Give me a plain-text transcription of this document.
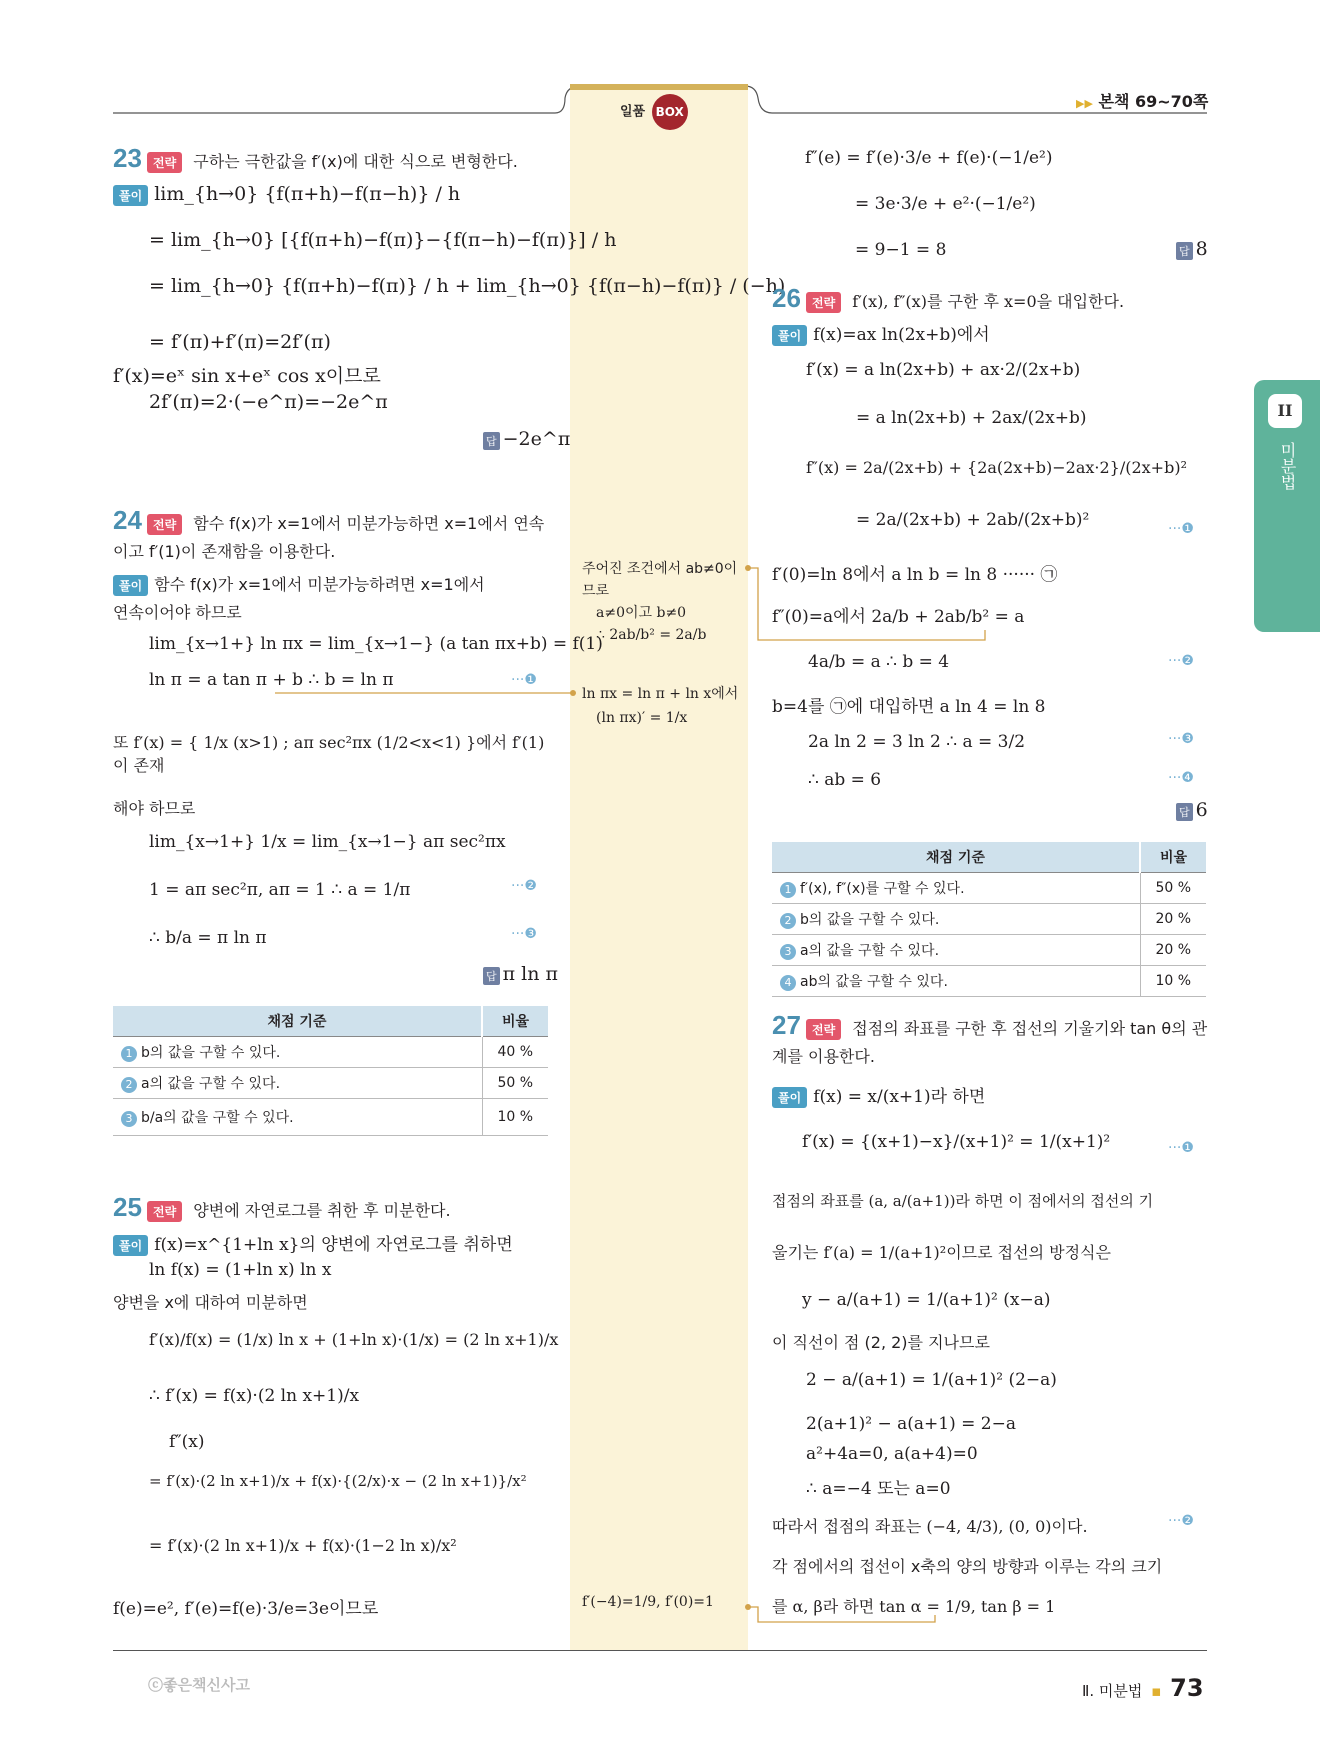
일품 BOX
▶▶ 본책 69~70쪽
II
미분법
23 전략 구하는 극한값을 f′(x)에 대한 식으로 변형한다.
풀이 lim_{h→0} {f(π+h)−f(π−h)} / h
= lim_{h→0} [{f(π+h)−f(π)}−{f(π−h)−f(π)}] / h
= lim_{h→0} {f(π+h)−f(π)} / h + lim_{h→0} {f(π−h)−f(π)} / (−h)
= f′(π)+f′(π)=2f′(π)
f′(x)=eˣ sin x+eˣ cos x이므로
2f′(π)=2·(−e^π)=−2e^π
답 −2e^π
24 전략 함수 f(x)가 x=1에서 미분가능하면 x=1에서 연속이고 f′(1)이 존재함을 이용한다.
풀이 함수 f(x)가 x=1에서 미분가능하려면 x=1에서
연속이어야 하므로
lim_{x→1+} ln πx = lim_{x→1−} (a tan πx+b) = f(1)
ln π = a tan π + b ∴ b = ln π
또 f′(x) = { 1/x (x>1) ; aπ sec²πx (1/2<x<1) }에서 f′(1)이 존재
해야 하므로
lim_{x→1+} 1/x = lim_{x→1−} aπ sec²πx
1 = aπ sec²π, aπ = 1 ∴ a = 1/π
∴ b/a = π ln π
···❶
···❷
···❸
답 π ln π
채점 기준	비율
1 b의 값을 구할 수 있다.	40 %
2 a의 값을 구할 수 있다.	50 %
3 b/a의 값을 구할 수 있다.	10 %
25 전략 양변에 자연로그를 취한 후 미분한다.
풀이 f(x)=x^{1+ln x}의 양변에 자연로그를 취하면
ln f(x) = (1+ln x) ln x
양변을 x에 대하여 미분하면
f′(x)/f(x) = (1/x) ln x + (1+ln x)·(1/x) = (2 ln x+1)/x
∴ f′(x) = f(x)·(2 ln x+1)/x
f″(x)
= f′(x)·(2 ln x+1)/x + f(x)·{(2/x)·x − (2 ln x+1)}/x²
= f′(x)·(2 ln x+1)/x + f(x)·(1−2 ln x)/x²
f(e)=e², f′(e)=f(e)·3/e=3e이므로
주어진 조건에서 ab≠0이
므로
a≠0이고 b≠0
∴ 2ab/b² = 2a/b
ln πx = ln π + ln x에서
(ln πx)′ = 1/x
f′(−4)=1/9, f′(0)=1
f″(e) = f′(e)·3/e + f(e)·(−1/e²)
= 3e·3/e + e²·(−1/e²)
= 9−1 = 8	답 8
26 전략 f′(x), f″(x)를 구한 후 x=0을 대입한다.
풀이 f(x)=ax ln(2x+b)에서
f′(x) = a ln(2x+b) + ax·2/(2x+b)
= a ln(2x+b) + 2ax/(2x+b)
f″(x) = 2a/(2x+b) + {2a(2x+b)−2ax·2}/(2x+b)²
= 2a/(2x+b) + 2ab/(2x+b)²
f′(0)=ln 8에서 a ln b = ln 8 ······ ㉠
f″(0)=a에서 2a/b + 2ab/b² = a
4a/b = a ∴ b = 4
b=4를 ㉠에 대입하면 a ln 4 = ln 8
2a ln 2 = 3 ln 2 ∴ a = 3/2
∴ ab = 6
···❶
···❷
···❸
···❹
답 6
채점 기준	비율
1 f′(x), f″(x)를 구할 수 있다.	50 %
2 b의 값을 구할 수 있다.	20 %
3 a의 값을 구할 수 있다.	20 %
4 ab의 값을 구할 수 있다.	10 %
27 전략 접점의 좌표를 구한 후 접선의 기울기와 tan θ의 관계를 이용한다.
풀이 f(x) = x/(x+1)라 하면
f′(x) = {(x+1)−x}/(x+1)² = 1/(x+1)²
접점의 좌표를 (a, a/(a+1))라 하면 이 점에서의 접선의 기
울기는 f′(a) = 1/(a+1)²이므로 접선의 방정식은
y − a/(a+1) = 1/(a+1)² (x−a)
이 직선이 점 (2, 2)를 지나므로
2 − a/(a+1) = 1/(a+1)² (2−a)
2(a+1)² − a(a+1) = 2−a
a²+4a=0, a(a+4)=0
∴ a=−4 또는 a=0
따라서 접점의 좌표는 (−4, 4/3), (0, 0)이다.
각 점에서의 접선이 x축의 양의 방향과 이루는 각의 크기
를 α, β라 하면 tan α = 1/9, tan β = 1
···❶
···❷
ⓒ좋은책신사고	Ⅱ. 미분법 ▪ 73
